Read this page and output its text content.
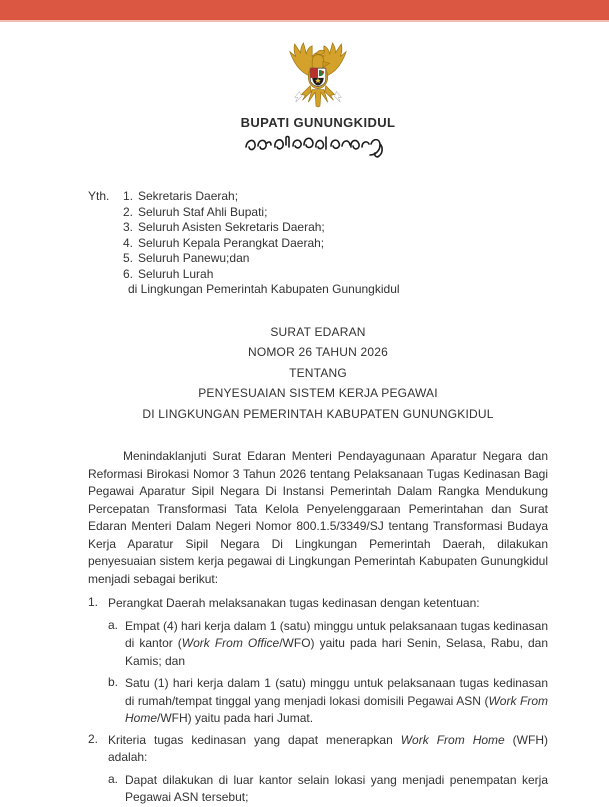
BUPATI GUNUNGKIDUL
Yth.	1. Sekretaris Daerah;
2. Seluruh Staf Ahli Bupati;
3. Seluruh Asisten Sekretaris Daerah;
4. Seluruh Kepala Perangkat Daerah;
5. Seluruh Panewu;dan
6. Seluruh Lurah
di Lingkungan Pemerintah Kabupaten Gunungkidul
SURAT EDARAN
NOMOR 26 TAHUN 2026
TENTANG
PENYESUAIAN SISTEM KERJA PEGAWAI
DI LINGKUNGAN PEMERINTAH KABUPATEN GUNUNGKIDUL
Menindaklanjuti Surat Edaran Menteri Pendayagunaan Aparatur Negara dan Reformasi Birokasi Nomor 3 Tahun 2026 tentang Pelaksanaan Tugas Kedinasan Bagi Pegawai Aparatur Sipil Negara Di Instansi Pemerintah Dalam Rangka Mendukung Percepatan Transformasi Tata Kelola Penyelenggaraan Pemerintahan dan Surat Edaran Menteri Dalam Negeri Nomor 800.1.5/3349/SJ tentang Transformasi Budaya Kerja Aparatur Sipil Negara Di Lingkungan Pemerintah Daerah, dilakukan penyesuaian sistem kerja pegawai di Lingkungan Pemerintah Kabupaten Gunungkidul menjadi sebagai berikut:
1. Perangkat Daerah melaksanakan tugas kedinasan dengan ketentuan:
a. Empat (4) hari kerja dalam 1 (satu) minggu untuk pelaksanaan tugas kedinasan di kantor (Work From Office/WFO) yaitu pada hari Senin, Selasa, Rabu, dan Kamis; dan
b. Satu (1) hari kerja dalam 1 (satu) minggu untuk pelaksanaan tugas kedinasan di rumah/tempat tinggal yang menjadi lokasi domisili Pegawai ASN (Work From Home/WFH) yaitu pada hari Jumat.
2. Kriteria tugas kedinasan yang dapat menerapkan Work From Home (WFH) adalah:
a. Dapat dilakukan di luar kantor selain lokasi yang menjadi penempatan kerja Pegawai ASN tersebut;
